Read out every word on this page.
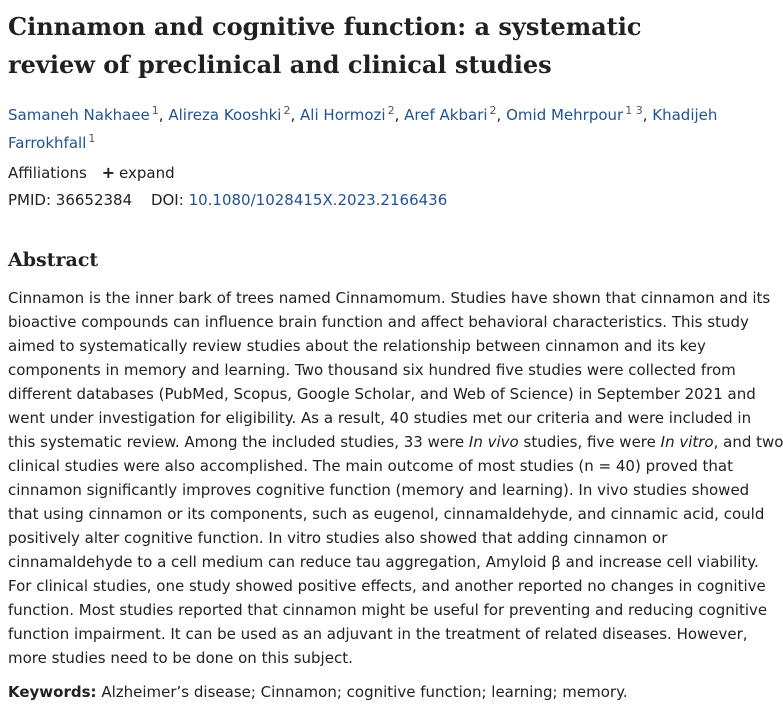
Cinnamon and cognitive function: a systematic
review of preclinical and clinical studies
Samaneh Nakhaee $^1$, Alireza Kooshki $^2$, Ali Hormozi $^2$, Aref Akbari $^2$, Omid Mehrpour $^{1 3}$, Khadijeh Farrokhfall $^1$
Affiliations + expand
PMID: 36652384 DOI: 10.1080/1028415X.2023.2166436
Abstract
Cinnamon is the inner bark of trees named Cinnamomum. Studies have shown that cinnamon and its
bioactive compounds can influence brain function and affect behavioral characteristics. This study
aimed to systematically review studies about the relationship between cinnamon and its key
components in memory and learning. Two thousand six hundred five studies were collected from
different databases (PubMed, Scopus, Google Scholar, and Web of Science) in September 2021 and
went under investigation for eligibility. As a result, 40 studies met our criteria and were included in
this systematic review. Among the included studies, 33 were In vivo studies, five were In vitro, and two
clinical studies were also accomplished. The main outcome of most studies (n = 40) proved that
cinnamon significantly improves cognitive function (memory and learning). In vivo studies showed
that using cinnamon or its components, such as eugenol, cinnamaldehyde, and cinnamic acid, could
positively alter cognitive function. In vitro studies also showed that adding cinnamon or
cinnamaldehyde to a cell medium can reduce tau aggregation, Amyloid β and increase cell viability.
For clinical studies, one study showed positive effects, and another reported no changes in cognitive
function. Most studies reported that cinnamon might be useful for preventing and reducing cognitive
function impairment. It can be used as an adjuvant in the treatment of related diseases. However,
more studies need to be done on this subject.
Keywords: Alzheimer’s disease; Cinnamon; cognitive function; learning; memory.
